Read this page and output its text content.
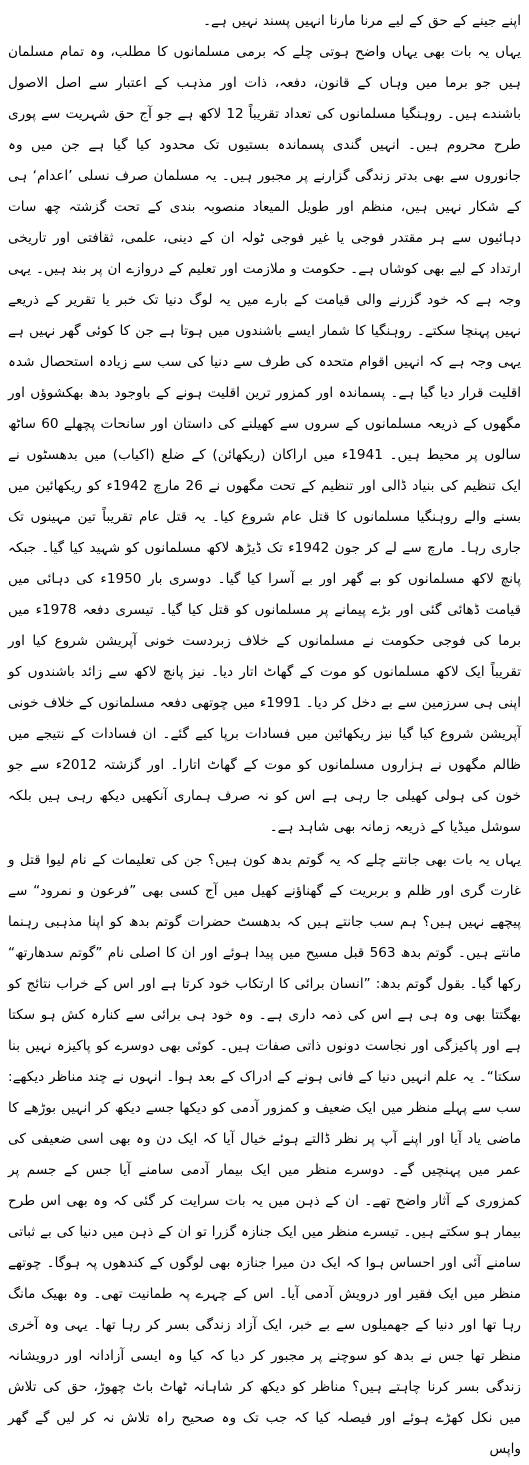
اپنے جینے کے حق کے لیے مرنا مارنا انہیں پسند نہیں ہے۔

یہاں یہ بات بھی یہاں واضح ہوتی چلے کہ برمی مسلمانوں کا مطلب، وہ تمام مسلمان ہیں جو برما میں وہاں کے قانون، دفعہ، ذات اور مذہب کے اعتبار سے اصل الاصول باشندے ہیں۔ روہنگیا مسلمانوں کی تعداد تقریباً 12 لاکھ ہے جو آج حق شہریت سے پوری طرح محروم ہیں۔ انہیں گندی پسماندہ بستیوں تک محدود کیا گیا ہے جن میں وہ جانوروں سے بھی بدتر زندگی گزارنے پر مجبور ہیں۔ یہ مسلمان صرف نسلی ’اعدام‘ ہی کے شکار نہیں ہیں، منظم اور طویل المیعاد منصوبہ بندی کے تحت گزشتہ چھ سات دہائیوں سے ہر مقتدر فوجی یا غیر فوجی ٹولہ ان کے دینی، علمی، ثقافتی اور تاریخی ارتداد کے لیے بھی کوشاں ہے۔ حکومت و ملازمت اور تعلیم کے دروازے ان پر بند ہیں۔ یہی وجہ ہے کہ خود گزرنے والی قیامت کے بارے میں یہ لوگ دنیا تک خبر یا تقریر کے ذریعے نہیں پہنچا سکتے۔ روہنگیا کا شمار ایسے باشندوں میں ہوتا ہے جن کا کوئی گھر نہیں ہے یہی وجہ ہے کہ انہیں اقوام متحدہ کی طرف سے دنیا کی سب سے زیادہ استحصال شدہ اقلیت قرار دیا گیا ہے۔ پسماندہ اور کمزور ترین اقلیت ہونے کے باوجود بدھ بھکشوؤں اور مگھوں کے ذریعہ مسلمانوں کے سروں سے کھیلنے کی داستان اور سانحات پچھلے 60 ساٹھ سالوں پر محیط ہیں۔ 1941ء میں اراکان (ریکھائن) کے ضلع (اکیاب) میں بدھسٹوں نے ایک تنظیم کی بنیاد ڈالی اور تنظیم کے تحت مگھوں نے 26 مارچ 1942ء کو ریکھائین میں بسنے والے روہنگیا مسلمانوں کا قتل عام شروع کیا۔ یہ قتل عام تقریباً تین مہینوں تک جاری رہا۔ مارچ سے لے کر جون 1942ء تک ڈیڑھ لاکھ مسلمانوں کو شہید کیا گیا۔ جبکہ پانچ لاکھ مسلمانوں کو بے گھر اور بے آسرا کیا گیا۔ دوسری بار 1950ء کی دہائی میں قیامت ڈھائی گئی اور بڑے پیمانے پر مسلمانوں کو قتل کیا گیا۔ تیسری دفعہ 1978ء میں برما کی فوجی حکومت نے مسلمانوں کے خلاف زبردست خونی آپریشن شروع کیا اور تقریباً ایک لاکھ مسلمانوں کو موت کے گھاٹ اتار دیا۔ نیز پانچ لاکھ سے زائد باشندوں کو اپنی ہی سرزمین سے بے دخل کر دیا۔ 1991ء میں چوتھی دفعہ مسلمانوں کے خلاف خونی آپریشن شروع کیا گیا نیز ریکھائین میں فسادات برپا کیے گئے۔ ان فسادات کے نتیجے میں ظالم مگھوں نے ہزاروں مسلمانوں کو موت کے گھاٹ اتارا۔ اور گزشتہ 2012ء سے جو خون کی ہولی کھیلی جا رہی ہے اس کو نہ صرف ہماری آنکھیں دیکھ رہی ہیں بلکہ سوشل میڈیا کے ذریعہ زمانہ بھی شاہد ہے۔

یہاں یہ بات بھی جانتے چلے کہ یہ گوتم بدھ کون ہیں؟ جن کی تعلیمات کے نام لیوا قتل و غارت گری اور ظلم و بربریت کے گھناؤنے کھیل میں آج کسی بھی ”فرعون و نمرود“ سے پیچھے نہیں ہیں؟ ہم سب جانتے ہیں کہ بدھسٹ حضرات گوتم بدھ کو اپنا مذہبی رہنما مانتے ہیں۔ گوتم بدھ 563 قبل مسیح میں پیدا ہوئے اور ان کا اصلی نام ”گوتم سدھارتھ“ رکھا گیا۔ بقول گوتم بدھ: ”انسان برائی کا ارتکاب خود کرتا ہے اور اس کے خراب نتائج کو بھگتتا بھی وہ ہی ہے اس کی ذمہ داری ہے۔ وہ خود ہی برائی سے کنارہ کش ہو سکتا ہے اور پاکیزگی اور نجاست دونوں ذاتی صفات ہیں۔ کوئی بھی دوسرے کو پاکیزہ نہیں بنا سکتا“۔ یہ علم انہیں دنیا کے فانی ہونے کے ادراک کے بعد ہوا۔ انہوں نے چند مناظر دیکھے: سب سے پہلے منظر میں ایک ضعیف و کمزور آدمی کو دیکھا جسے دیکھ کر انہیں بوڑھے کا ماضی یاد آیا اور اپنے آپ پر نظر ڈالتے ہوئے خیال آیا کہ ایک دن وہ بھی اسی ضعیفی کی عمر میں پہنچیں گے۔ دوسرے منظر میں ایک بیمار آدمی سامنے آیا جس کے جسم پر کمزوری کے آثار واضح تھے۔ ان کے ذہن میں یہ بات سرایت کر گئی کہ وہ بھی اس طرح بیمار ہو سکتے ہیں۔ تیسرے منظر میں ایک جنازہ گزرا تو ان کے ذہن میں دنیا کی بے ثباتی سامنے آئی اور احساس ہوا کہ ایک دن میرا جنازہ بھی لوگوں کے کندھوں پہ ہوگا۔ چوتھے منظر میں ایک فقیر اور درویش آدمی آیا۔ اس کے چہرے پہ طمانیت تھی۔ وہ بھیک مانگ رہا تھا اور دنیا کے جھمیلوں سے بے خبر، ایک آزاد زندگی بسر کر رہا تھا۔ یہی وہ آخری منظر تھا جس نے بدھ کو سوچنے پر مجبور کر دیا کہ کیا وہ ایسی آزادانہ اور درویشانہ زندگی بسر کرنا چاہتے ہیں؟ مناظر کو دیکھ کر شاہانہ ٹھاٹ باٹ چھوڑ، حق کی تلاش میں نکل کھڑے ہوئے اور فیصلہ کیا کہ جب تک وہ صحیح راہ تلاش نہ کر لیں گے گھر واپس
